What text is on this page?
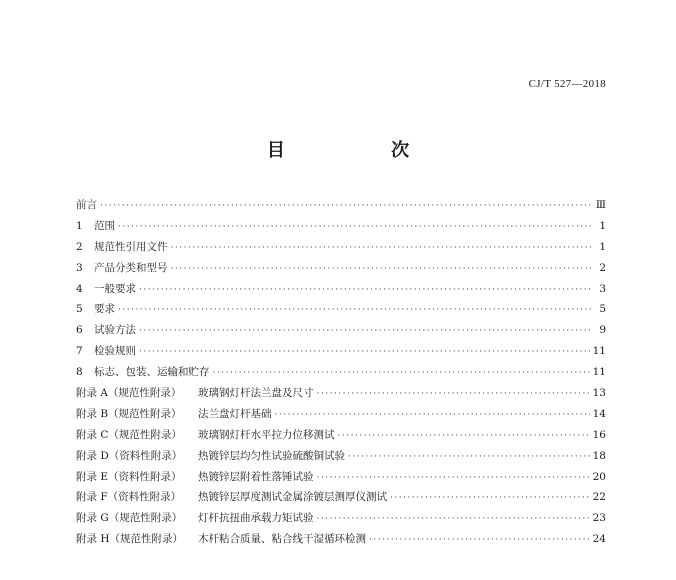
CJ/T 527—2018
目 次
前言 ·····	Ⅲ
1	范围 ·····	1
2	规范性引用文件 ·····	1
3	产品分类和型号 ·····	2
4	一般要求 ·····	3
5	要求 ·····	5
6	试验方法 ·····	9
7	检验规则 ·····	11
8	标志、包装、运输和贮存 ·····	11
附录 A（规范性附录）	玻璃钢灯杆法兰盘及尺寸 ·····	13
附录 B（规范性附录）	法兰盘灯杆基础 ·····	14
附录 C（规范性附录）	玻璃钢灯杆水平拉力位移测试 ·····	16
附录 D（资料性附录）	热镀锌层均匀性试验硫酸铜试验 ·····	18
附录 E（资料性附录）	热镀锌层附着性落锤试验 ·····	20
附录 F（资料性附录）	热镀锌层厚度测试金属涂镀层测厚仪测试 ·····	22
附录 G（规范性附录）	灯杆抗扭曲承载力矩试验 ·····	23
附录 H（规范性附录）	木杆粘合质量、粘合线干湿循环检测 ·····	24
